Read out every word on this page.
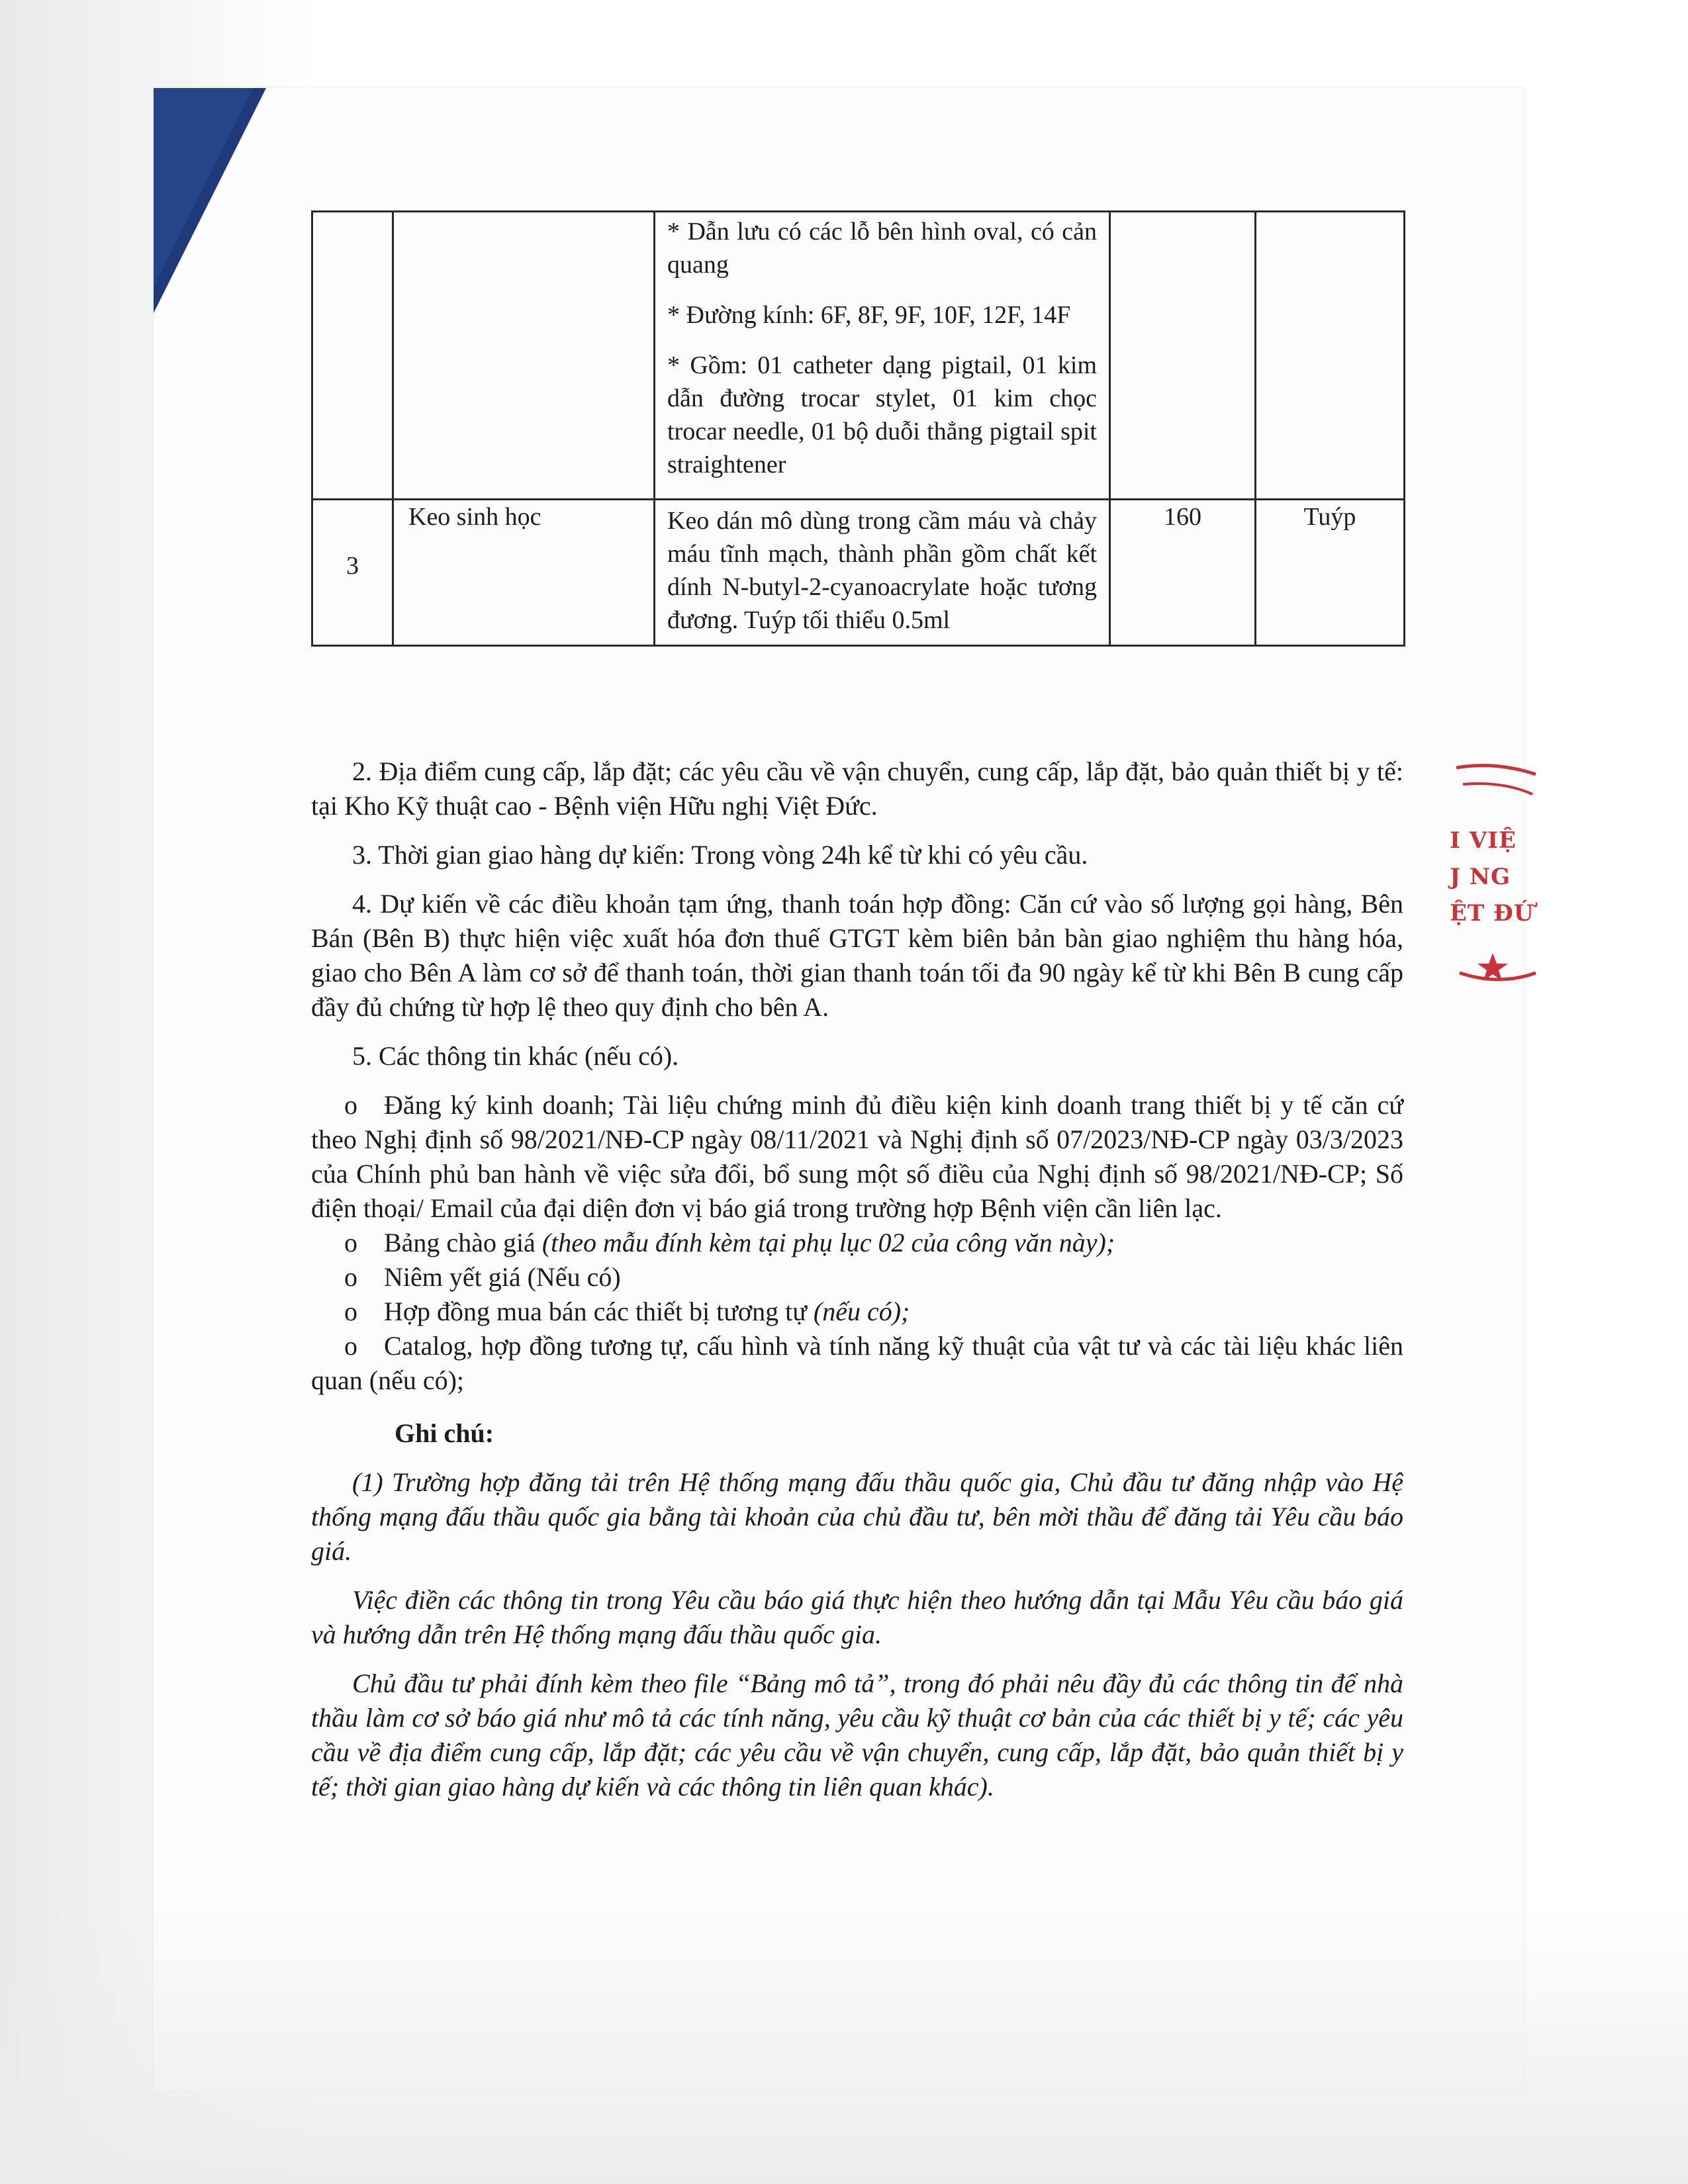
		* Dẫn lưu có các lỗ bên hình oval, có cản quang

* Đường kính: 6F, 8F, 9F, 10F, 12F, 14F

* Gồm: 01 catheter dạng pigtail, 01 kim dẫn đường trocar stylet, 01 kim chọc trocar needle, 01 bộ duỗi thẳng pigtail spit straightener		

3	Keo sinh học	Keo dán mô dùng trong cầm máu và chảy máu tĩnh mạch, thành phần gồm chất kết dính N-butyl-2-cyanoacrylate hoặc tương đương. Tuýp tối thiểu 0.5ml	160	Tuýp

2. Địa điểm cung cấp, lắp đặt; các yêu cầu về vận chuyển, cung cấp, lắp đặt, bảo quản thiết bị y tế: tại Kho Kỹ thuật cao - Bệnh viện Hữu nghị Việt Đức.

3. Thời gian giao hàng dự kiến: Trong vòng 24h kể từ khi có yêu cầu.

4. Dự kiến về các điều khoản tạm ứng, thanh toán hợp đồng: Căn cứ vào số lượng gọi hàng, Bên Bán (Bên B) thực hiện việc xuất hóa đơn thuế GTGT kèm biên bản bàn giao nghiệm thu hàng hóa, giao cho Bên A làm cơ sở để thanh toán, thời gian thanh toán tối đa 90 ngày kể từ khi Bên B cung cấp đầy đủ chứng từ hợp lệ theo quy định cho bên A.

5. Các thông tin khác (nếu có).

o Đăng ký kinh doanh; Tài liệu chứng minh đủ điều kiện kinh doanh trang thiết bị y tế căn cứ theo Nghị định số 98/2021/NĐ-CP ngày 08/11/2021 và Nghị định số 07/2023/NĐ-CP ngày 03/3/2023 của Chính phủ ban hành về việc sửa đổi, bổ sung một số điều của Nghị định số 98/2021/NĐ-CP; Số điện thoại/ Email của đại diện đơn vị báo giá trong trường hợp Bệnh viện cần liên lạc.

o Bảng chào giá (theo mẫu đính kèm tại phụ lục 02 của công văn này);

o Niêm yết giá (Nếu có)

o Hợp đồng mua bán các thiết bị tương tự (nếu có);

o Catalog, hợp đồng tương tự, cấu hình và tính năng kỹ thuật của vật tư và các tài liệu khác liên quan (nếu có);

Ghi chú:

(1) Trường hợp đăng tải trên Hệ thống mạng đấu thầu quốc gia, Chủ đầu tư đăng nhập vào Hệ thống mạng đấu thầu quốc gia bằng tài khoản của chủ đầu tư, bên mời thầu để đăng tải Yêu cầu báo giá.

Việc điền các thông tin trong Yêu cầu báo giá thực hiện theo hướng dẫn tại Mẫu Yêu cầu báo giá và hướng dẫn trên Hệ thống mạng đấu thầu quốc gia.

Chủ đầu tư phải đính kèm theo file “Bảng mô tả”, trong đó phải nêu đầy đủ các thông tin để nhà thầu làm cơ sở báo giá như mô tả các tính năng, yêu cầu kỹ thuật cơ bản của các thiết bị y tế; các yêu cầu về địa điểm cung cấp, lắp đặt; các yêu cầu về vận chuyển, cung cấp, lắp đặt, bảo quản thiết bị y tế; thời gian giao hàng dự kiến và các thông tin liên quan khác).

I VIỆ
J NG
ỆT ĐỨ
